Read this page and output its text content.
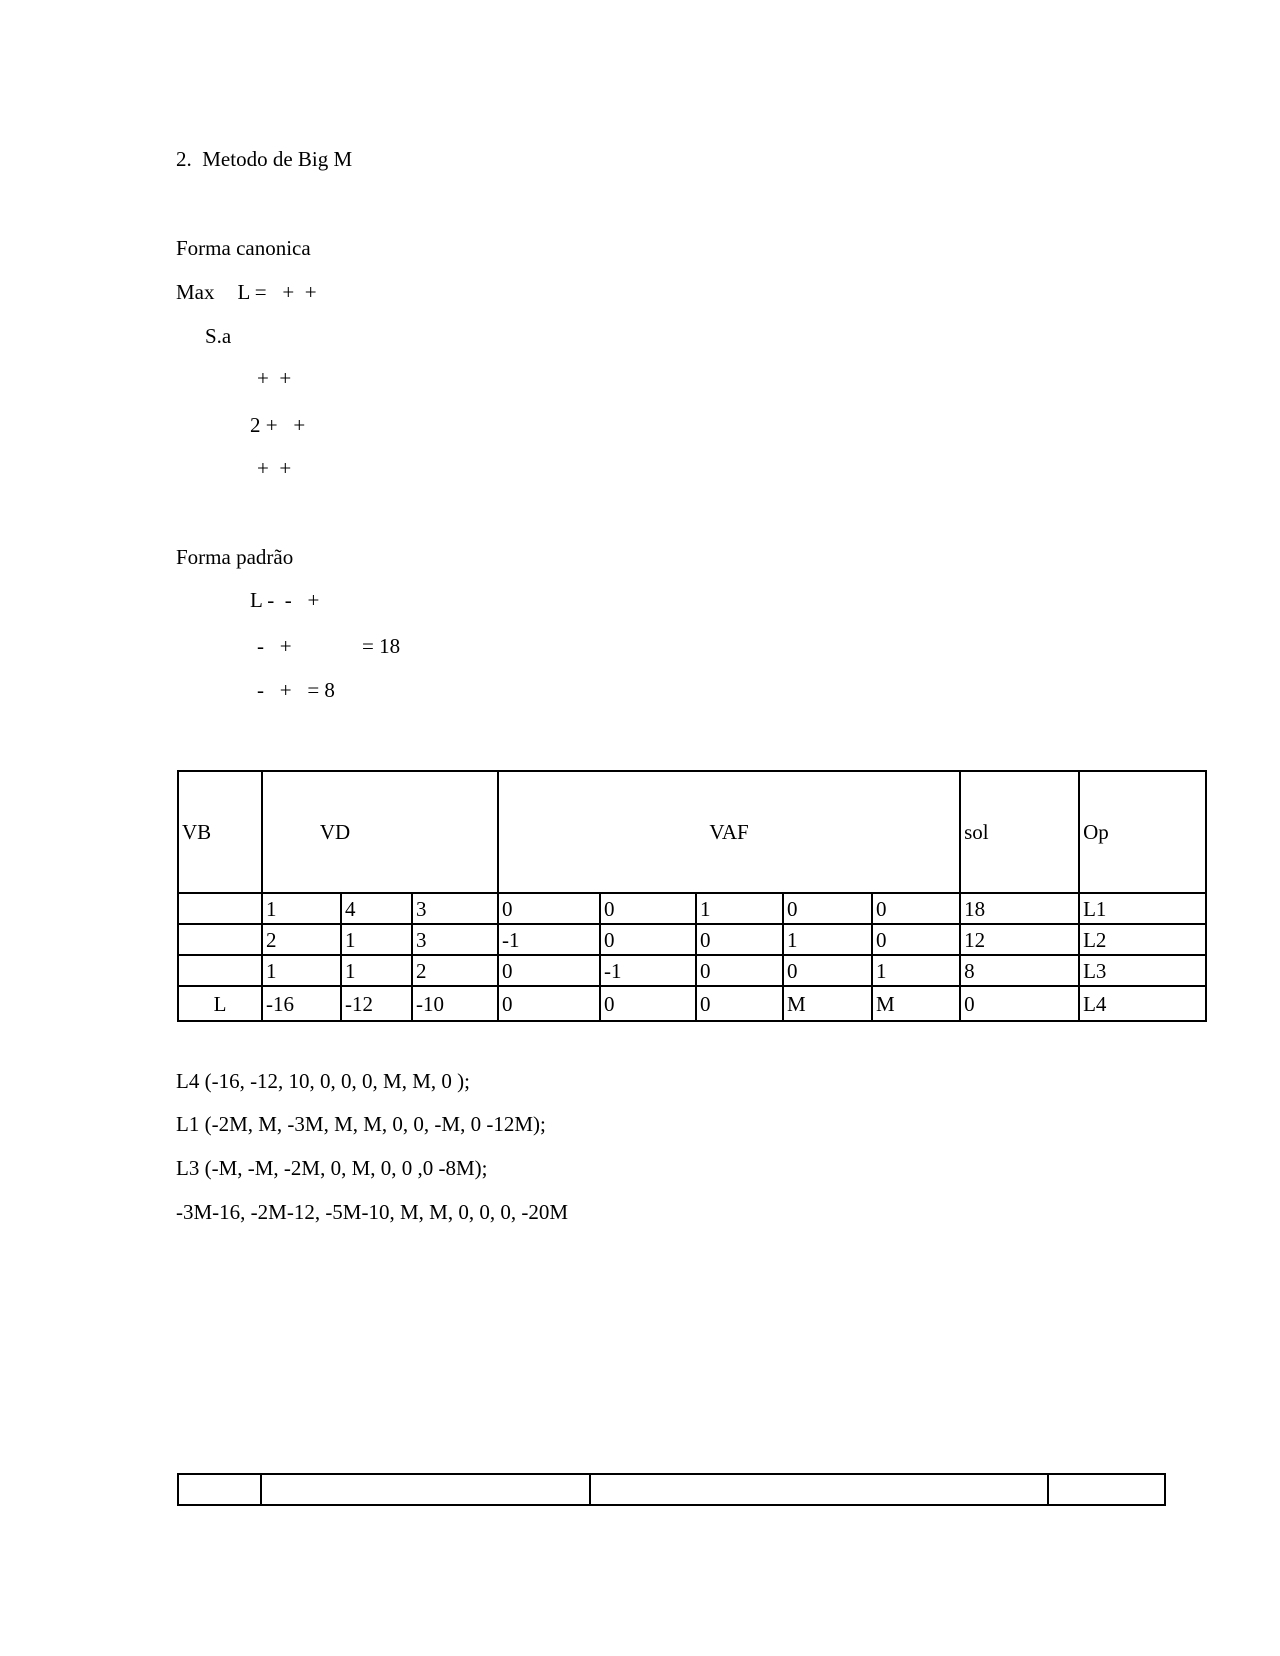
2.  Metodo de Big M
Forma canonica
Max L =   +  +
S.a
+  +
2 +   +
+  +
Forma padrão
L -  -   +
-   +	= 18
-   +   = 8
VB	VD			VAF					sol	Op
	1	4	3	0	0	1	0	0	18	L1
	2	1	3	-1	0	0	1	0	12	L2
	1	1	2	0	-1	0	0	1	8	L3
L	-16	-12	-10	0	0	0	M	M	0	L4
L4 (-16, -12, 10, 0, 0, 0, M, M, 0 );
L1 (-2M, M, -3M, M, M, 0, 0, -M, 0 -12M);
L3 (-M, -M, -2M, 0, M, 0, 0 ,0 -8M);
-3M-16, -2M-12, -5M-10, M, M, 0, 0, 0, -20M
